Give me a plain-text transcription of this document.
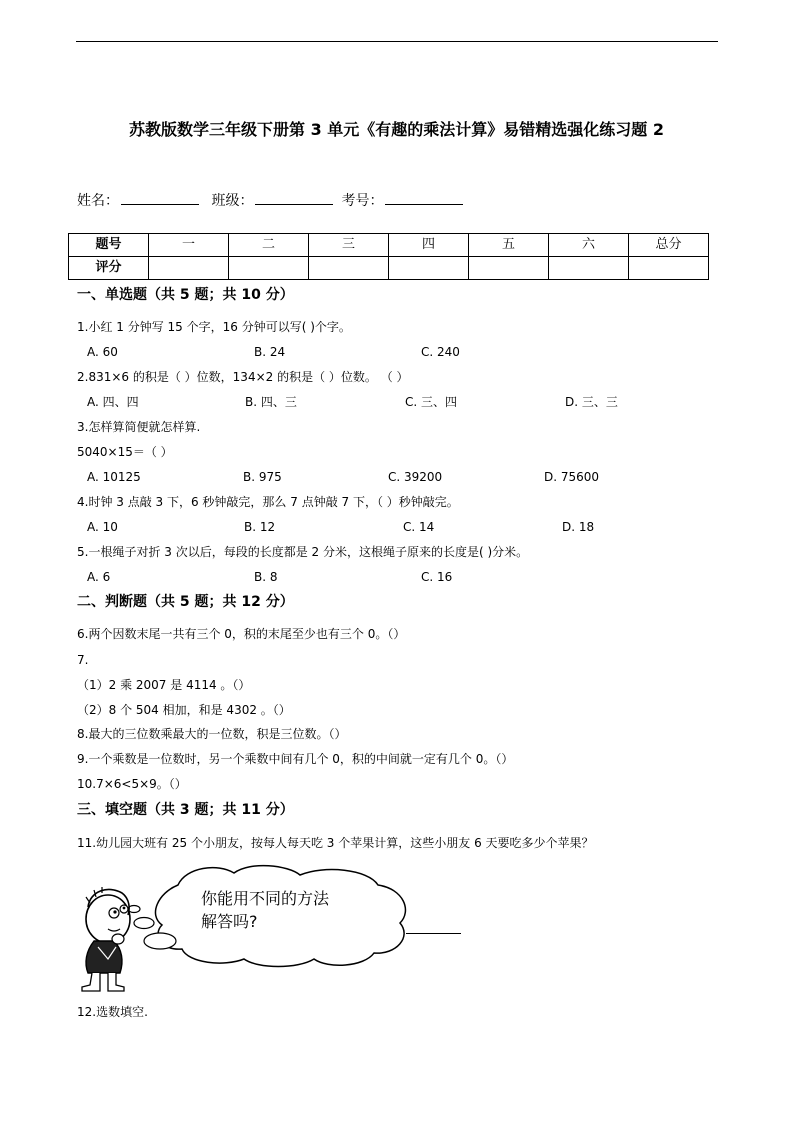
苏教版数学三年级下册第 3 单元《有趣的乘法计算》易错精选强化练习题 2
姓名：	班级：	考号：
题号	一	二	三	四	五	六	总分
评分							
一、单选题（共 5 题；共 10 分）
1.小红 1 分钟写 15 个字，16 分钟可以写( )个字。
A. 60	B. 24	C. 240
2.831×6 的积是（ ）位数，134×2 的积是（ ）位数。 （ ）
A. 四、四	B. 四、三	C. 三、四	D. 三、三
3.怎样算简便就怎样算.
5040×15＝（ ）
A. 10125	B. 975	C. 39200	D. 75600
4.时钟 3 点敲 3 下，6 秒钟敲完，那么 7 点钟敲 7 下，（ ）秒钟敲完。
A. 10	B. 12	C. 14	D. 18
5.一根绳子对折 3 次以后，每段的长度都是 2 分米，这根绳子原来的长度是( )分米。
A. 6	B. 8	C. 16
二、判断题（共 5 题；共 12 分）
6.两个因数末尾一共有三个 0，积的末尾至少也有三个 0。（）
7.
（1）2 乘 2007 是 4114 。（）
（2）8 个 504 相加，和是 4302 。（）
8.最大的三位数乘最大的一位数，积是三位数。（）
9.一个乘数是一位数时，另一个乘数中间有几个 0，积的中间就一定有几个 0。（）
10.7×6<5×9。（）
三、填空题（共 3 题；共 11 分）
11.幼儿园大班有 25 个小朋友，按每人每天吃 3 个苹果计算，这些小朋友 6 天要吃多少个苹果？
你能用不同的方法
解答吗?
12.选数填空.
